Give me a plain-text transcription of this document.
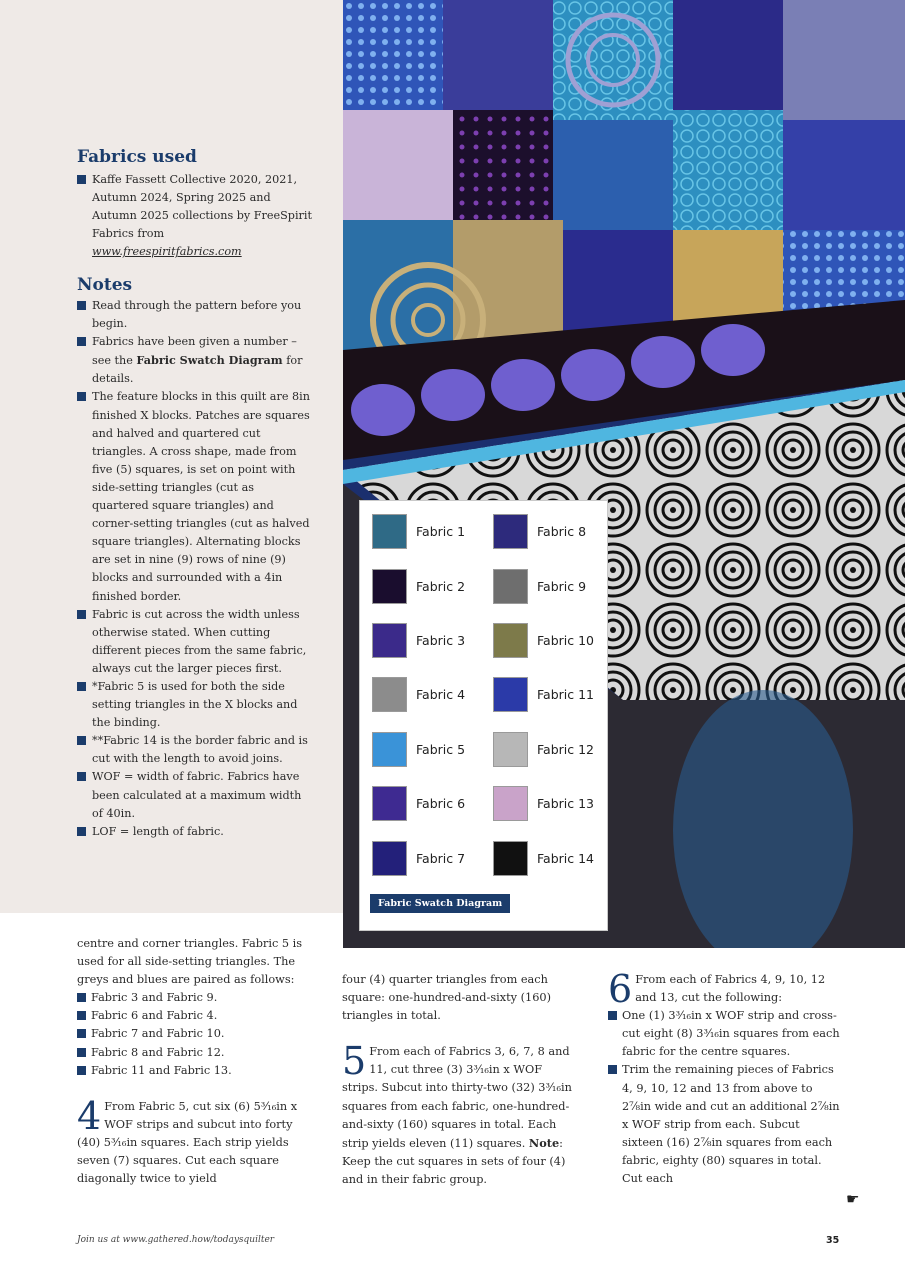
Fabrics used
Kaffe Fassett Collective 2020, 2021, Autumn 2024, Spring 2025 and Autumn 2025 collections by FreeSpirit Fabrics from
www.freespiritfabrics.com
Notes
Read through the pattern before you begin.
Fabrics have been given a number – see the Fabric Swatch Diagram for details.
The feature blocks in this quilt are 8in finished X blocks. Patches are squares and halved and quartered cut triangles. A cross shape, made from five (5) squares, is set on point with side-setting triangles (cut as quartered square triangles) and corner-setting triangles (cut as halved square triangles). Alternating blocks are set in nine (9) rows of nine (9) blocks and surrounded with a 4in finished border.
Fabric is cut across the width unless otherwise stated. When cutting different pieces from the same fabric, always cut the larger pieces first.
*Fabric 5 is used for both the side setting triangles in the X blocks and the binding.
**Fabric 14 is the border fabric and is cut with the length to avoid joins.
WOF = width of fabric. Fabrics have been calculated at a maximum width of 40in.
LOF = length of fabric.
Fabric 1
Fabric 2
Fabric 3
Fabric 4
Fabric 5
Fabric 6
Fabric 7
Fabric 8
Fabric 9
Fabric 10
Fabric 11
Fabric 12
Fabric 13
Fabric 14
Fabric Swatch Diagram

centre and corner triangles. Fabric 5 is used for all side-setting triangles. The greys and blues are paired as follows:

Fabric 3 and Fabric 9.
Fabric 6 and Fabric 4.
Fabric 7 and Fabric 10.
Fabric 8 and Fabric 12.
Fabric 11 and Fabric 13.

4 From Fabric 5, cut six (6) 5³⁄₁₆in x WOF strips and subcut into forty (40) 5³⁄₁₆in squares. Each strip yields seven (7) squares. Cut each square diagonally twice to yield

four (4) quarter triangles from each square: one-hundred-and-sixty (160) triangles in total.

5 From each of Fabrics 3, 6, 7, 8 and 11, cut three (3) 3³⁄₁₆in x WOF strips. Subcut into thirty-two (32) 3³⁄₁₆in squares from each fabric, one-hundred-and-sixty (160) squares in total. Each strip yields eleven (11) squares. Note: Keep the cut squares in sets of four (4) and in their fabric group.

6 From each of Fabrics 4, 9, 10, 12 and 13, cut the following:

One (1) 3³⁄₁₆in x WOF strip and cross-cut eight (8) 3³⁄₁₆in squares from each fabric for the centre squares.
Trim the remaining pieces of Fabrics 4, 9, 10, 12 and 13 from above to 2⅞in wide and cut an additional 2⅞in x WOF strip from each. Subcut sixteen (16) 2⅞in squares from each fabric, eighty (80) squares in total. Cut each
☛
Join us at www.gathered.how/todaysquilter	35
